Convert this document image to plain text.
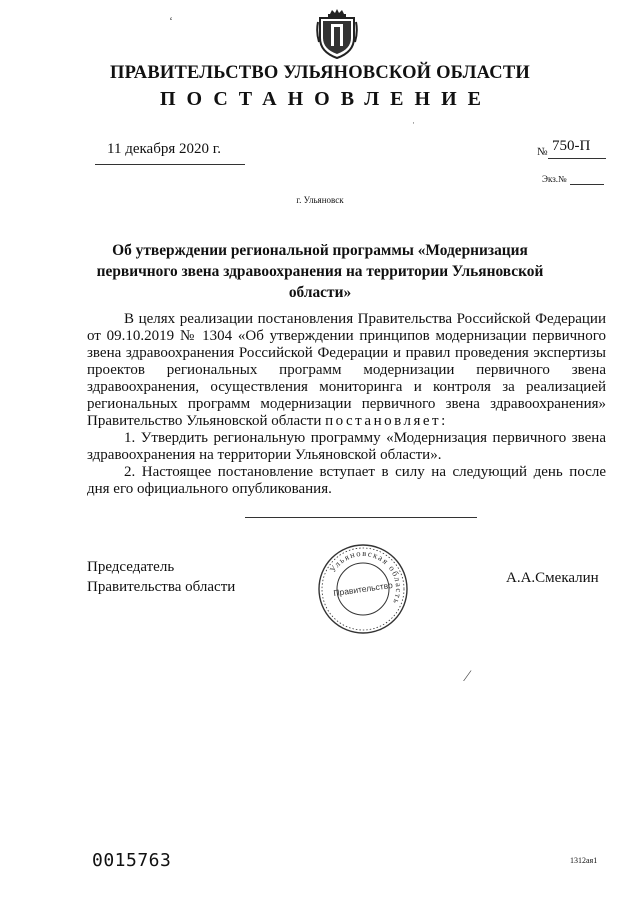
‘
·
ПРАВИТЕЛЬСТВО УЛЬЯНОВСКОЙ ОБЛАСТИ
ПОСТАНОВЛЕНИЕ
11 декабря 2020 г.	№ 750-П
Экз.№
г. Ульяновск
Об утверждении региональной программы «Модернизация первичного звена здравоохранения на территории Ульяновской области»

В целях реализации постановления Правительства Российской Федерации от 09.10.2019 № 1304 «Об утверждении принципов модернизации первичного звена здравоохранения Российской Федерации и правил проведения экспертизы проектов региональных программ модернизации первичного звена здравоохранения, осуществления мониторинга и контроля за реализацией региональных программ модернизации первичного звена здравоохранения» Правительство Ульяновской области постановляет:

1. Утвердить региональную программу «Модернизация первичного звена здравоохранения на территории Ульяновской области».

2. Настоящее постановление вступает в силу на следующий день после дня его официального опубликования.

Председатель
Правительства области
А.А.Смекалин
Ульяновская область
Правительство
⁄
0015763	1312ая1
